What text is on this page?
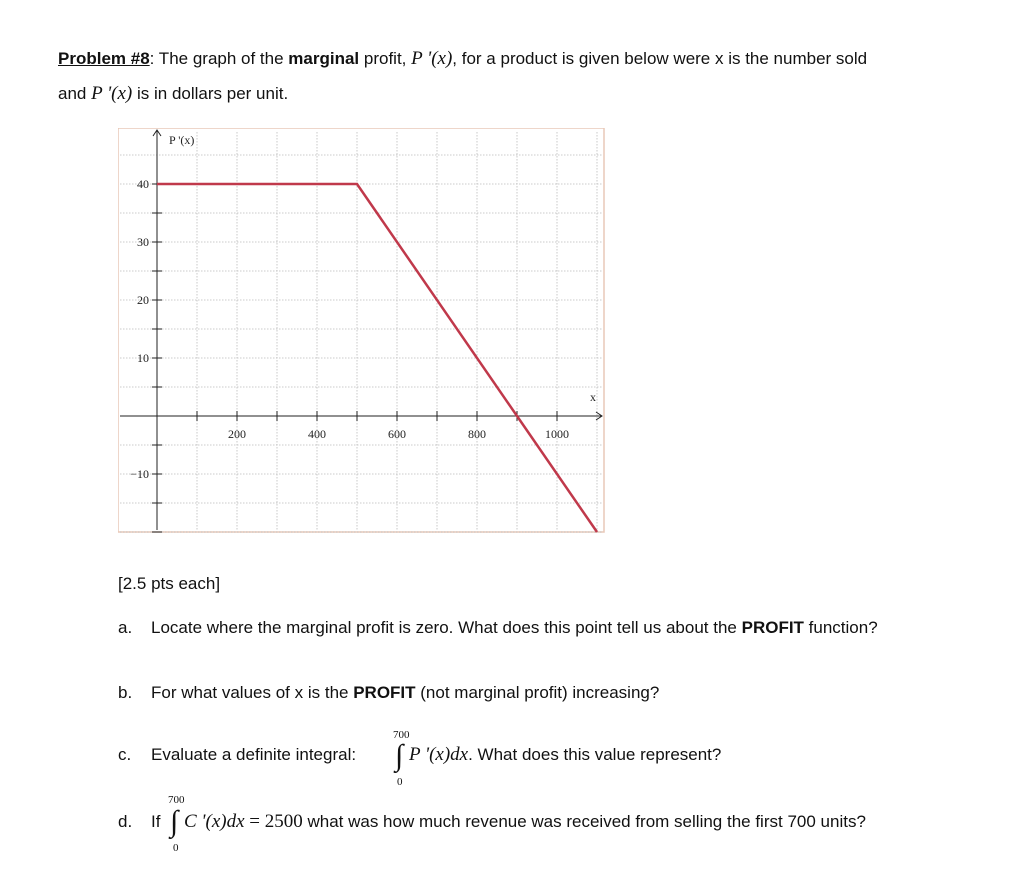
Problem #8: The graph of the marginal profit, P '(x), for a product is given below were x is the number sold
and P '(x) is in dollars per unit.
P '(x)
x
200	400	600	800	1000
40
30
20
10
−10
[2.5 pts each]
a. Locate where the marginal profit is zero. What does this point tell us about the PROFIT function?
b. For what values of x is the PROFIT (not marginal profit) increasing?
c. Evaluate a definite integral:
700
∫
0
P '(x)dx. What does this value represent?
d. If
700
∫
0
C '(x)dx = 2500 what was how much revenue was received from selling the first 700 units?
